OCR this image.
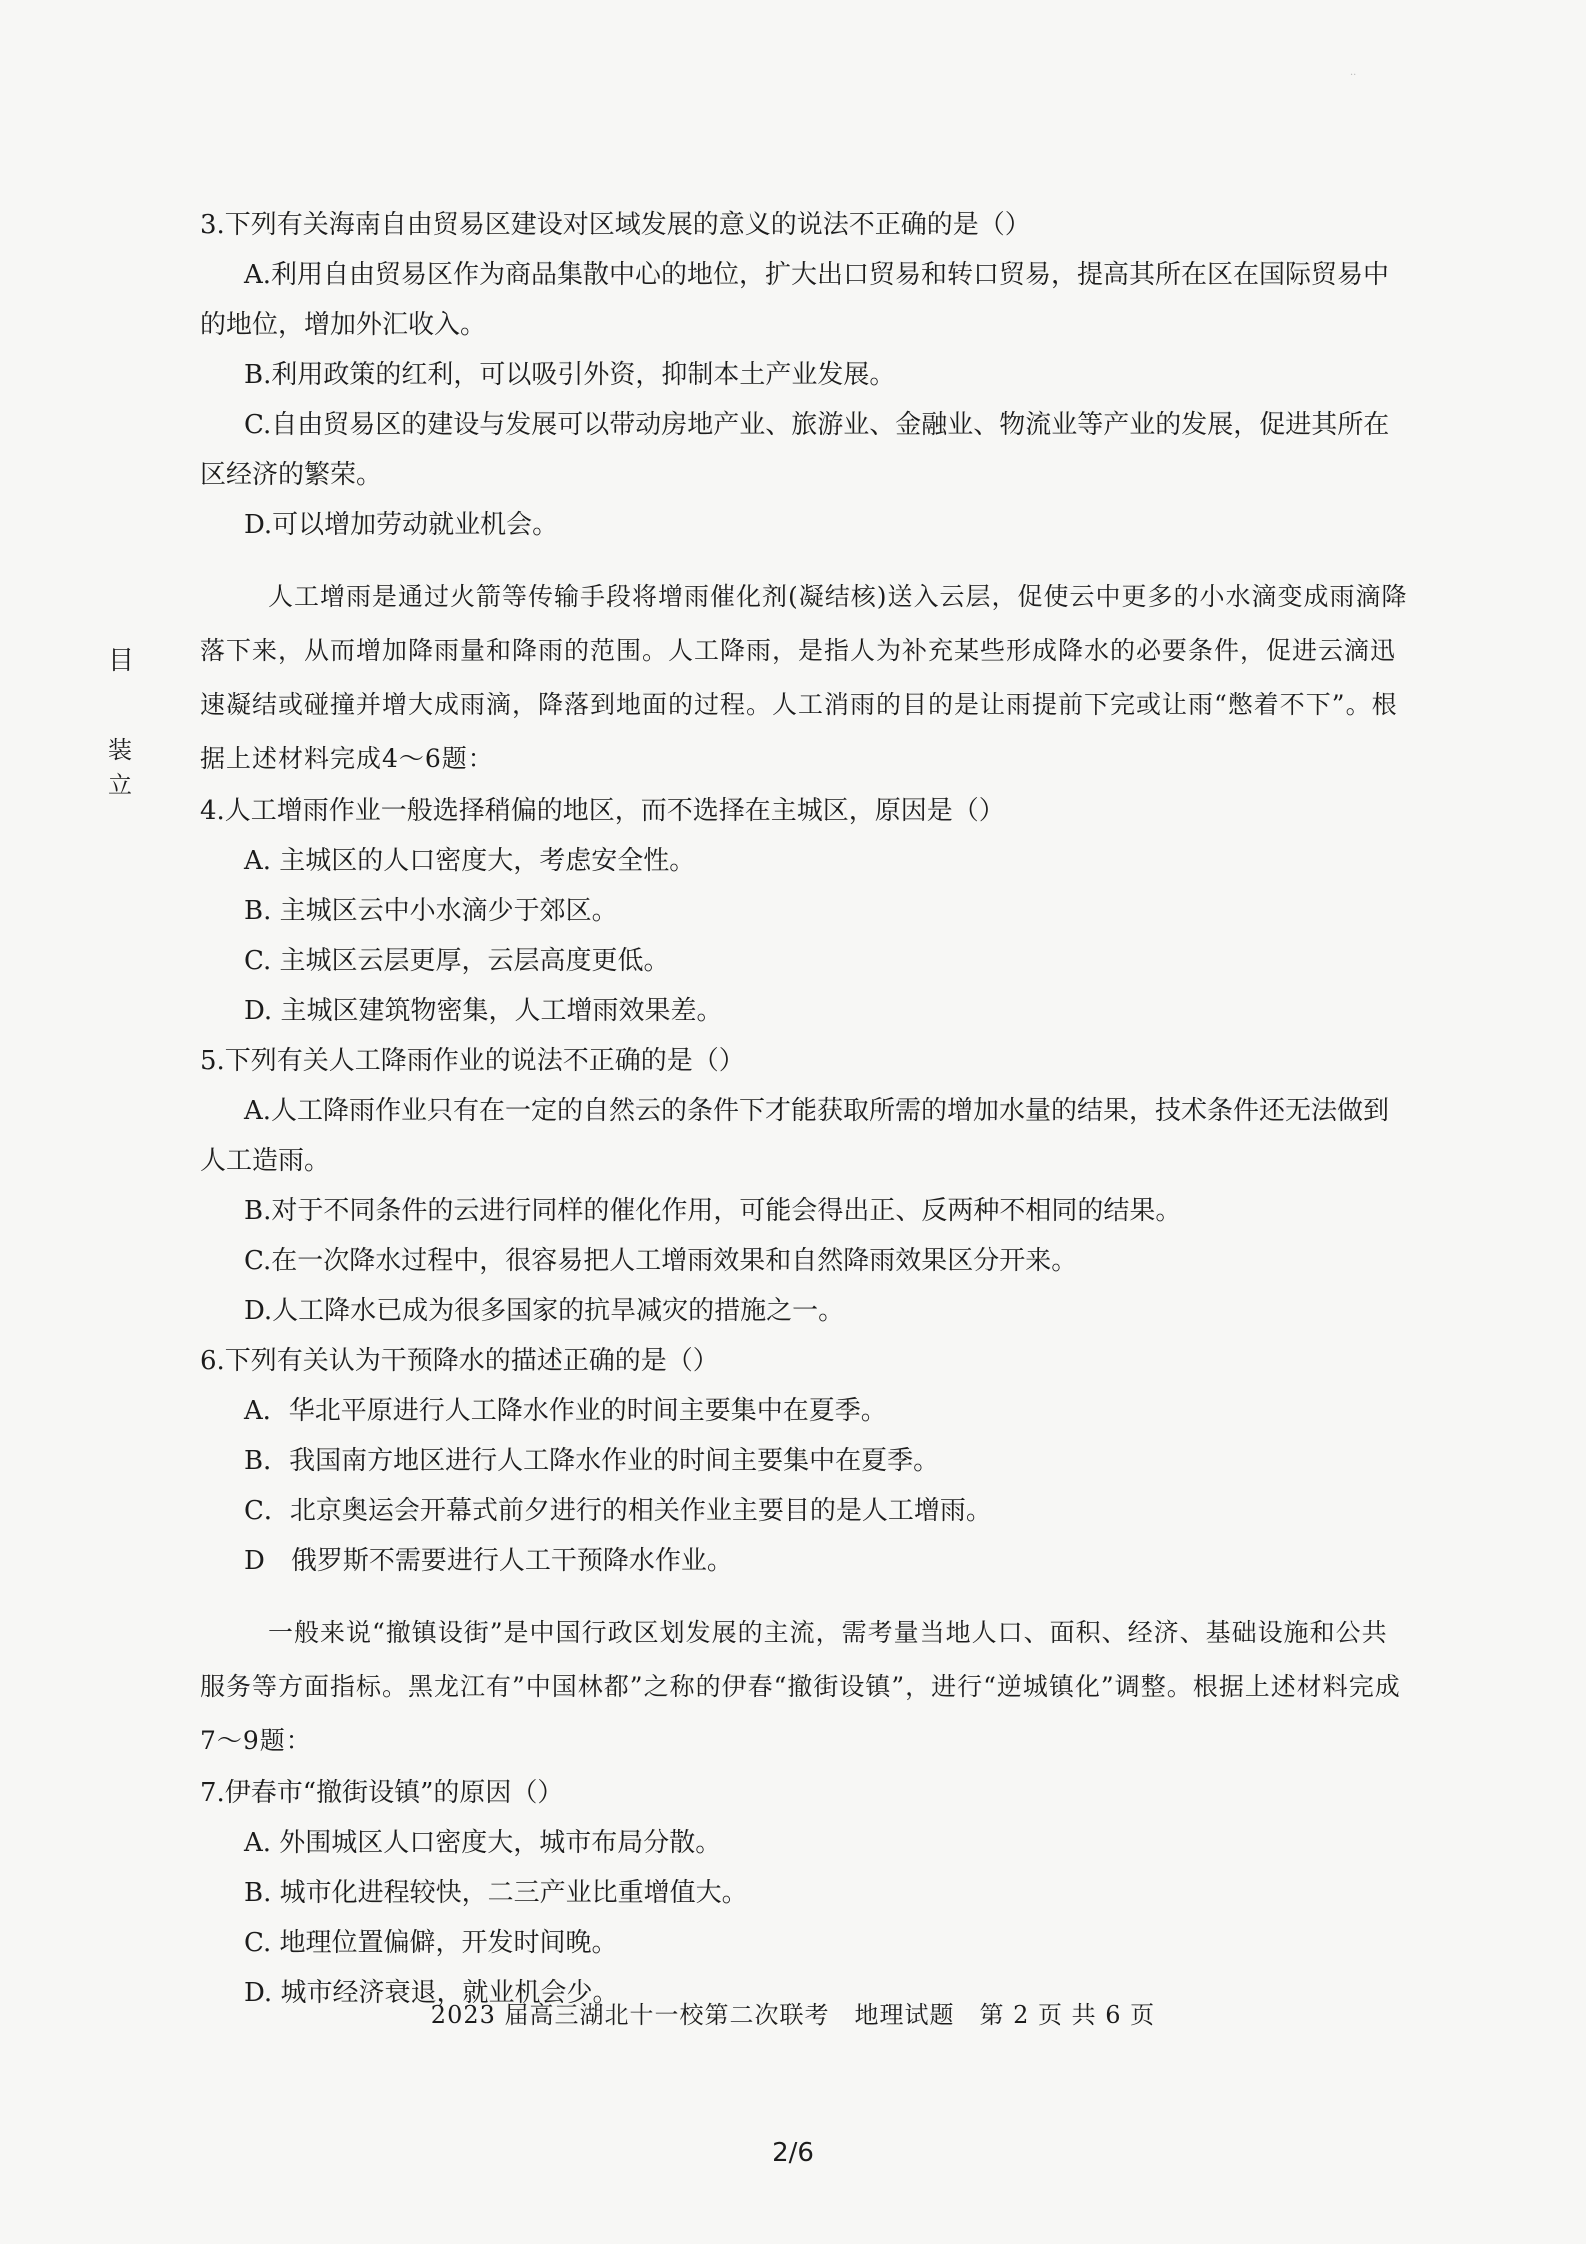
··
目
装 立

3.下列有关海南自由贸易区建设对区域发展的意义的说法不正确的是（）

A.利用自由贸易区作为商品集散中心的地位，扩大出口贸易和转口贸易，提高其所在区在国际贸易中的地位，增加外汇收入。

B.利用政策的红利，可以吸引外资，抑制本土产业发展。

C.自由贸易区的建设与发展可以带动房地产业、旅游业、金融业、物流业等产业的发展，促进其所在区经济的繁荣。

D.可以增加劳动就业机会。

人工增雨是通过火箭等传输手段将增雨催化剂(凝结核)送入云层，促使云中更多的小水滴变成雨滴降落下来，从而增加降雨量和降雨的范围。人工降雨，是指人为补充某些形成降水的必要条件，促进云滴迅速凝结或碰撞并增大成雨滴，降落到地面的过程。人工消雨的目的是让雨提前下完或让雨“憋着不下”。根据上述材料完成4～6题：

4.人工增雨作业一般选择稍偏的地区，而不选择在主城区，原因是（）

A. 主城区的人口密度大，考虑安全性。

B. 主城区云中小水滴少于郊区。

C. 主城区云层更厚，云层高度更低。

D. 主城区建筑物密集，人工增雨效果差。

5.下列有关人工降雨作业的说法不正确的是（）

A.人工降雨作业只有在一定的自然云的条件下才能获取所需的增加水量的结果，技术条件还无法做到人工造雨。

B.对于不同条件的云进行同样的催化作用，可能会得出正、反两种不相同的结果。

C.在一次降水过程中，很容易把人工增雨效果和自然降雨效果区分开来。

D.人工降水已成为很多国家的抗旱减灾的措施之一。

6.下列有关认为干预降水的描述正确的是（）

A．华北平原进行人工降水作业的时间主要集中在夏季。

B．我国南方地区进行人工降水作业的时间主要集中在夏季。

C．北京奥运会开幕式前夕进行的相关作业主要目的是人工增雨。

D　俄罗斯不需要进行人工干预降水作业。

一般来说“撤镇设街”是中国行政区划发展的主流，需考量当地人口、面积、经济、基础设施和公共服务等方面指标。黑龙江有”中国林都”之称的伊春“撤街设镇”，进行“逆城镇化”调整。根据上述材料完成7～9题：

7.伊春市“撤街设镇”的原因（）

A. 外围城区人口密度大，城市布局分散。

B. 城市化进程较快，二三产业比重增值大。

C. 地理位置偏僻，开发时间晚。

D. 城市经济衰退，就业机会少。

2023 届高三湖北十一校第二次联考　地理试题　第 2 页 共 6 页
2/6
